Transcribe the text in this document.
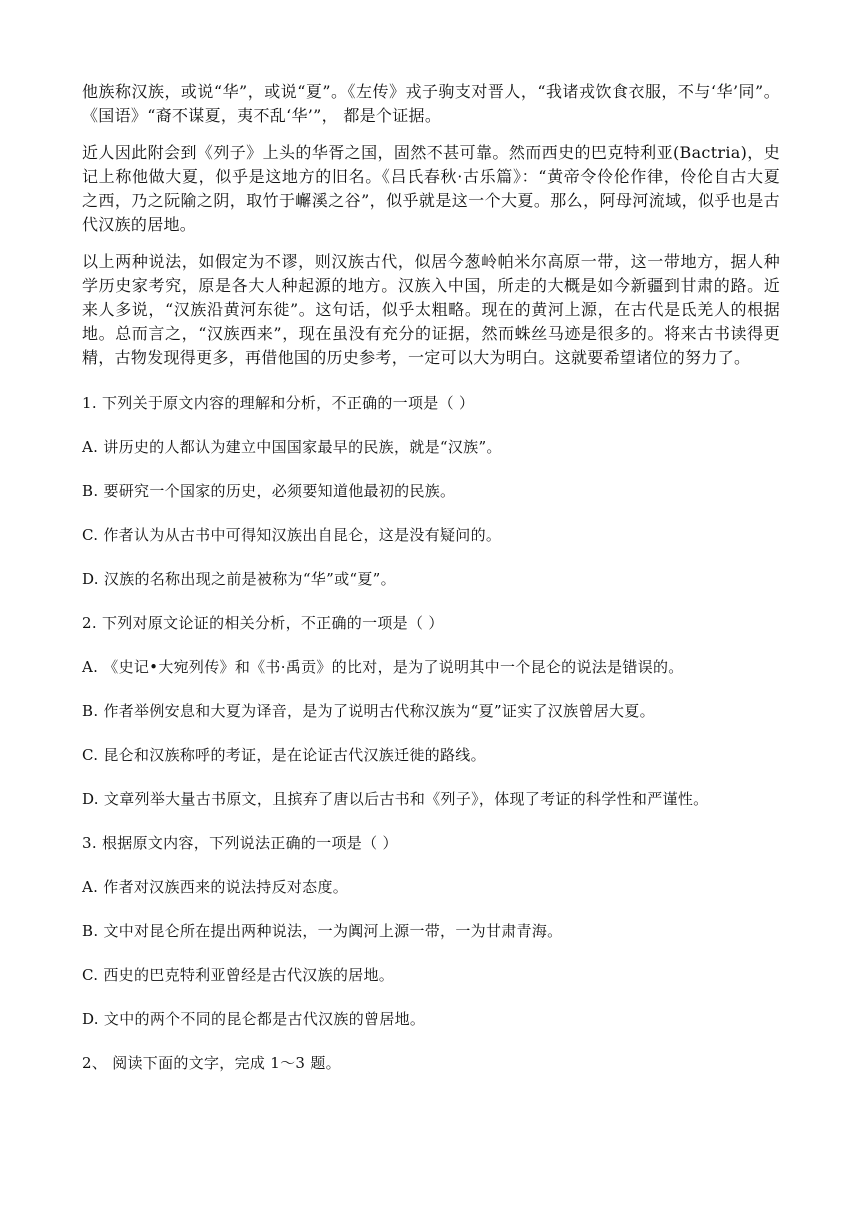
他族称汉族，或说“华”，或说“夏”。《左传》戎子驹支对晋人，“我诸戎饮食衣服，不与‘华’同”。《国语》“裔不谋夏，夷不乱‘华’”， 都是个证据。

近人因此附会到《列子》上头的华胥之国，固然不甚可靠。然而西史的巴克特利亚(Bactria)，史记上称他做大夏，似乎是这地方的旧名。《吕氏春秋·古乐篇》：“黄帝令伶伦作律，伶伦自古大夏之西，乃之阮隃之阴，取竹于嶰溪之谷”，似乎就是这一个大夏。那么，阿母河流域，似乎也是古代汉族的居地。

以上两种说法，如假定为不谬，则汉族古代，似居今葱岭帕米尔高原一带，这一带地方，据人种学历史家考究，原是各大人种起源的地方。汉族入中国，所走的大概是如今新疆到甘肃的路。近来人多说，“汉族沿黄河东徙”。这句话，似乎太粗略。现在的黄河上源，在古代是氐羌人的根据地。总而言之，“汉族西来”，现在虽没有充分的证据，然而蛛丝马迹是很多的。将来古书读得更精，古物发现得更多，再借他国的历史参考，一定可以大为明白。这就要希望诸位的努力了。

1. 下列关于原文内容的理解和分析，不正确的一项是（ ）

A. 讲历史的人都认为建立中国国家最早的民族，就是“汉族”。

B. 要研究一个国家的历史，必须要知道他最初的民族。

C. 作者认为从古书中可得知汉族出自昆仑，这是没有疑问的。

D. 汉族的名称出现之前是被称为“华”或“夏”。

2. 下列对原文论证的相关分析，不正确的一项是（ ）

A. 《史记•大宛列传》和《书·禹贡》的比对，是为了说明其中一个昆仑的说法是错误的。

B. 作者举例安息和大夏为译音，是为了说明古代称汉族为“夏”证实了汉族曾居大夏。

C. 昆仑和汉族称呼的考证，是在论证古代汉族迁徙的路线。

D. 文章列举大量古书原文，且摈弃了唐以后古书和《列子》，体现了考证的科学性和严谨性。

3. 根据原文内容，下列说法正确的一项是（ ）

A. 作者对汉族西来的说法持反对态度。

B. 文中对昆仑所在提出两种说法，一为阗河上源一带，一为甘肃青海。

C. 西史的巴克特利亚曾经是古代汉族的居地。

D. 文中的两个不同的昆仑都是古代汉族的曾居地。

2、 阅读下面的文字，完成 1～3 题。
